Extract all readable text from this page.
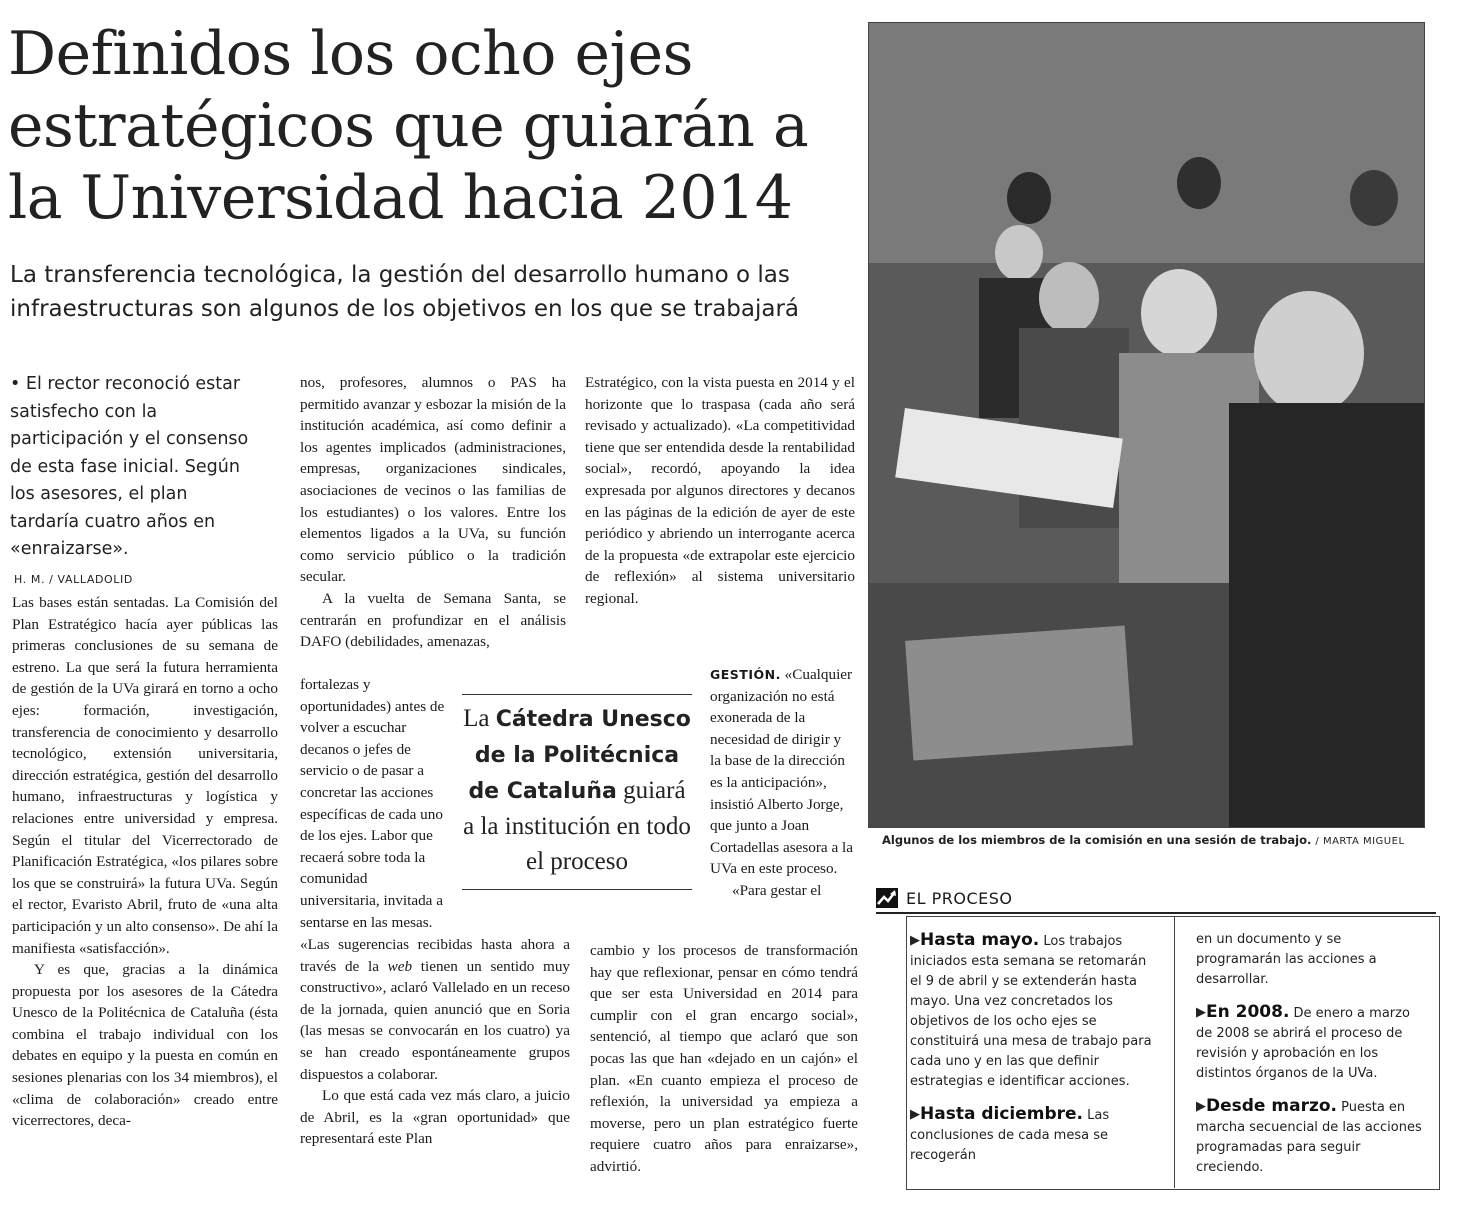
Definidos los ocho ejes estratégicos que guiarán a la Universidad hacia 2014

La transferencia tecnológica, la gestión del desarrollo humano o las infraestructuras son algunos de los objetivos en los que se trabajará

• El rector reconoció estar satisfecho con la participación y el consenso de esta fase inicial. Según los asesores, el plan tardaría cuatro años en «enraizarse».

H. M. / VALLADOLID

Las bases están sentadas. La Comisión del Plan Estratégico hacía ayer públicas las primeras conclusiones de su semana de estreno. La que será la futura herramienta de gestión de la UVa girará en torno a ocho ejes: formación, investigación, transferencia de conocimiento y desarrollo tecnológico, extensión universitaria, dirección estratégica, gestión del desarrollo humano, infraestructuras y logística y relaciones entre universidad y empresa. Según el titular del Vicerrectorado de Planificación Estratégica, «los pilares sobre los que se construirá» la futura UVa. Según el rector, Evaristo Abril, fruto de «una alta participación y un alto consenso». De ahí la manifiesta «satisfacción».

Y es que, gracias a la dinámica propuesta por los asesores de la Cátedra Unesco de la Politécnica de Cataluña (ésta combina el trabajo individual con los debates en equipo y la puesta en común en sesiones plenarias con los 34 miembros), el «clima de colaboración» creado entre vicerrectores, deca-

nos, profesores, alumnos o PAS ha permitido avanzar y esbozar la misión de la institución académica, así como definir a los agentes implicados (administraciones, empresas, organizaciones sindicales, asociaciones de vecinos o las familias de los estudiantes) o los valores. Entre los elementos ligados a la UVa, su función como servicio público o la tradición secular.

A la vuelta de Semana Santa, se centrarán en profundizar en el análisis DAFO (debilidades, amenazas,

fortalezas y oportunidades) antes de volver a escuchar decanos o jefes de servicio o de pasar a concretar las acciones específicas de cada uno de los ejes. Labor que recaerá sobre toda la comunidad universitaria, invitada a sentarse en las mesas.

«Las sugerencias recibidas hasta ahora a través de la web tienen un sentido muy constructivo», aclaró Vallelado en un receso de la jornada, quien anunció que en Soria (las mesas se convocarán en los cuatro) ya se han creado espontáneamente grupos dispuestos a colaborar.

Lo que está cada vez más claro, a juicio de Abril, es la «gran oportunidad» que representará este Plan

Estratégico, con la vista puesta en 2014 y el horizonte que lo traspasa (cada año será revisado y actualizado). «La competitividad tiene que ser entendida desde la rentabilidad social», recordó, apoyando la idea expresada por algunos directores y decanos en las páginas de la edición de ayer de este periódico y abriendo un interrogante acerca de la propuesta «de extrapolar este ejercicio de reflexión» al sistema universitario regional.

GESTIÓN. «Cualquier organización no está exonerada de la necesidad de dirigir y la base de la dirección es la anticipación», insistió Alberto Jorge, que junto a Joan Cortadellas asesora a la UVa en este proceso.

«Para gestar el

cambio y los procesos de transformación hay que reflexionar, pensar en cómo tendrá que ser esta Universidad en 2014 para cumplir con el gran encargo social», sentenció, al tiempo que aclaró que son pocas las que han «dejado en un cajón» el plan. «En cuanto empieza el proceso de reflexión, la universidad ya empieza a moverse, pero un plan estratégico fuerte requiere cuatro años para enraizarse», advirtió.

La Cátedra Unesco de la Politécnica de Cataluña guiará a la institución en todo el proceso
Algunos de los miembros de la comisión en una sesión de trabajo. / MARTA MIGUEL
EL PROCESO

▶Hasta mayo. Los trabajos iniciados esta semana se retomarán el 9 de abril y se extenderán hasta mayo. Una vez concretados los objetivos de los ocho ejes se constituirá una mesa de trabajo para cada uno y en las que definir estrategias e identificar acciones.

▶Hasta diciembre. Las conclusiones de cada mesa se recogerán

en un documento y se programarán las acciones a desarrollar.

▶En 2008. De enero a marzo de 2008 se abrirá el proceso de revisión y aprobación en los distintos órganos de la UVa.

▶Desde marzo. Puesta en marcha secuencial de las acciones programadas para seguir creciendo.
